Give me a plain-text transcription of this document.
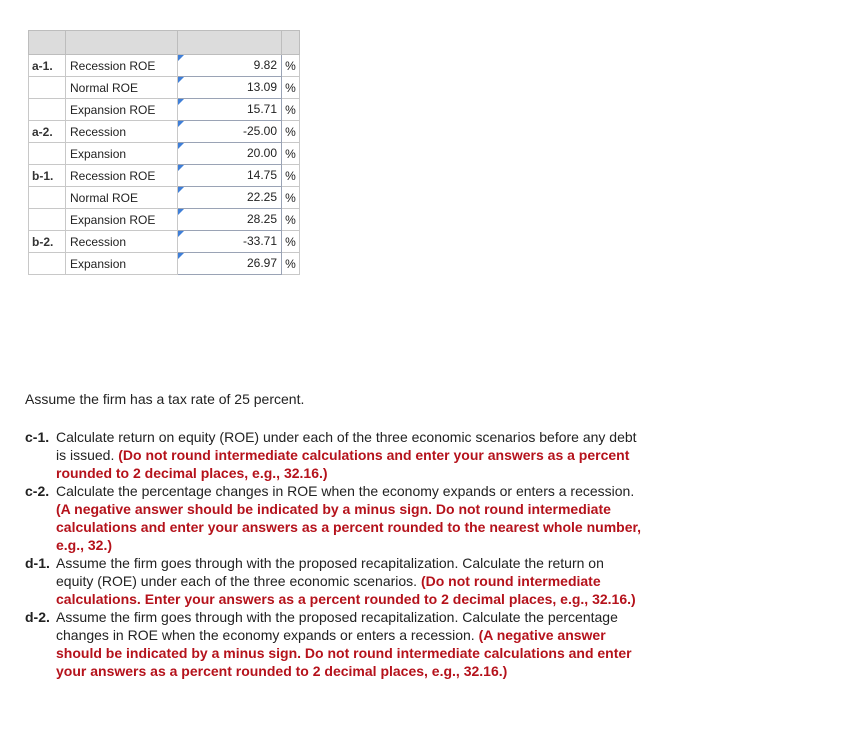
a-1.	Recession ROE	9.82	%
	Normal ROE	13.09	%
	Expansion ROE	15.71	%
a-2.	Recession	-25.00	%
	Expansion	20.00	%
b-1.	Recession ROE	14.75	%
	Normal ROE	22.25	%
	Expansion ROE	28.25	%
b-2.	Recession	-33.71	%
	Expansion	26.97	%

Assume the firm has a tax rate of 25 percent.

c-1. Calculate return on equity (ROE) under each of the three economic scenarios before any debt is issued. (Do not round intermediate calculations and enter your answers as a percent rounded to 2 decimal places, e.g., 32.16.)
c-2. Calculate the percentage changes in ROE when the economy expands or enters a recession. (A negative answer should be indicated by a minus sign. Do not round intermediate calculations and enter your answers as a percent rounded to the nearest whole number, e.g., 32.)
d-1. Assume the firm goes through with the proposed recapitalization. Calculate the return on equity (ROE) under each of the three economic scenarios. (Do not round intermediate calculations. Enter your answers as a percent rounded to 2 decimal places, e.g., 32.16.)
d-2. Assume the firm goes through with the proposed recapitalization. Calculate the percentage changes in ROE when the economy expands or enters a recession. (A negative answer should be indicated by a minus sign. Do not round intermediate calculations and enter your answers as a percent rounded to 2 decimal places, e.g., 32.16.)
